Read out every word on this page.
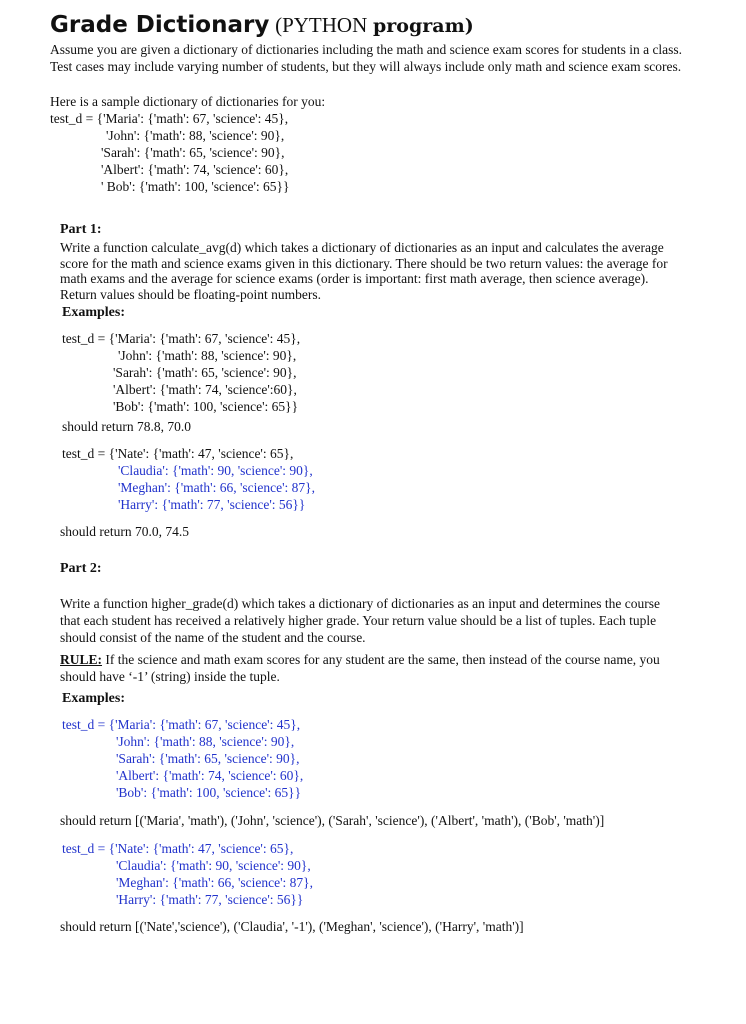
Grade Dictionary (PYTHON program)
Assume you are given a dictionary of dictionaries including the math and science exam scores for students in a class. Test cases may include varying number of students, but they will always include only math and science exam scores.
Here is a sample dictionary of dictionaries for you:
test_d = {'Maria': {'math': 67, 'science': 45},
'John': {'math': 88, 'science': 90},
'Sarah': {'math': 65, 'science': 90},
'Albert': {'math': 74, 'science': 60},
' Bob': {'math': 100, 'science': 65}}
Part 1:
Write a function calculate_avg(d) which takes a dictionary of dictionaries as an input and calculates the average score for the math and science exams given in this dictionary. There should be two return values: the average for math exams and the average for science exams (order is important: first math average, then science average). Return values should be floating-point numbers.
Examples:
test_d = {'Maria': {'math': 67, 'science': 45},
'John': {'math': 88, 'science': 90},
'Sarah': {'math': 65, 'science': 90},
'Albert': {'math': 74, 'science':60},
'Bob': {'math': 100, 'science': 65}}
should return 78.8, 70.0
test_d = {'Nate': {'math': 47, 'science': 65},
'Claudia': {'math': 90, 'science': 90},
'Meghan': {'math': 66, 'science': 87},
'Harry': {'math': 77, 'science': 56}}
should return 70.0, 74.5
Part 2:
Write a function higher_grade(d) which takes a dictionary of dictionaries as an input and determines the course that each student has received a relatively higher grade. Your return value should be a list of tuples. Each tuple should consist of the name of the student and the course.
RULE: If the science and math exam scores for any student are the same, then instead of the course name, you should have ‘-1’ (string) inside the tuple.
Examples:
test_d = {'Maria': {'math': 67, 'science': 45},
'John': {'math': 88, 'science': 90},
'Sarah': {'math': 65, 'science': 90},
'Albert': {'math': 74, 'science': 60},
'Bob': {'math': 100, 'science': 65}}
should return [('Maria', 'math'), ('John', 'science'), ('Sarah', 'science'), ('Albert', 'math'), ('Bob', 'math')]
test_d = {'Nate': {'math': 47, 'science': 65},
'Claudia': {'math': 90, 'science': 90},
'Meghan': {'math': 66, 'science': 87},
'Harry': {'math': 77, 'science': 56}}
should return [('Nate','science'), ('Claudia', '-1'), ('Meghan', 'science'), ('Harry', 'math')]
